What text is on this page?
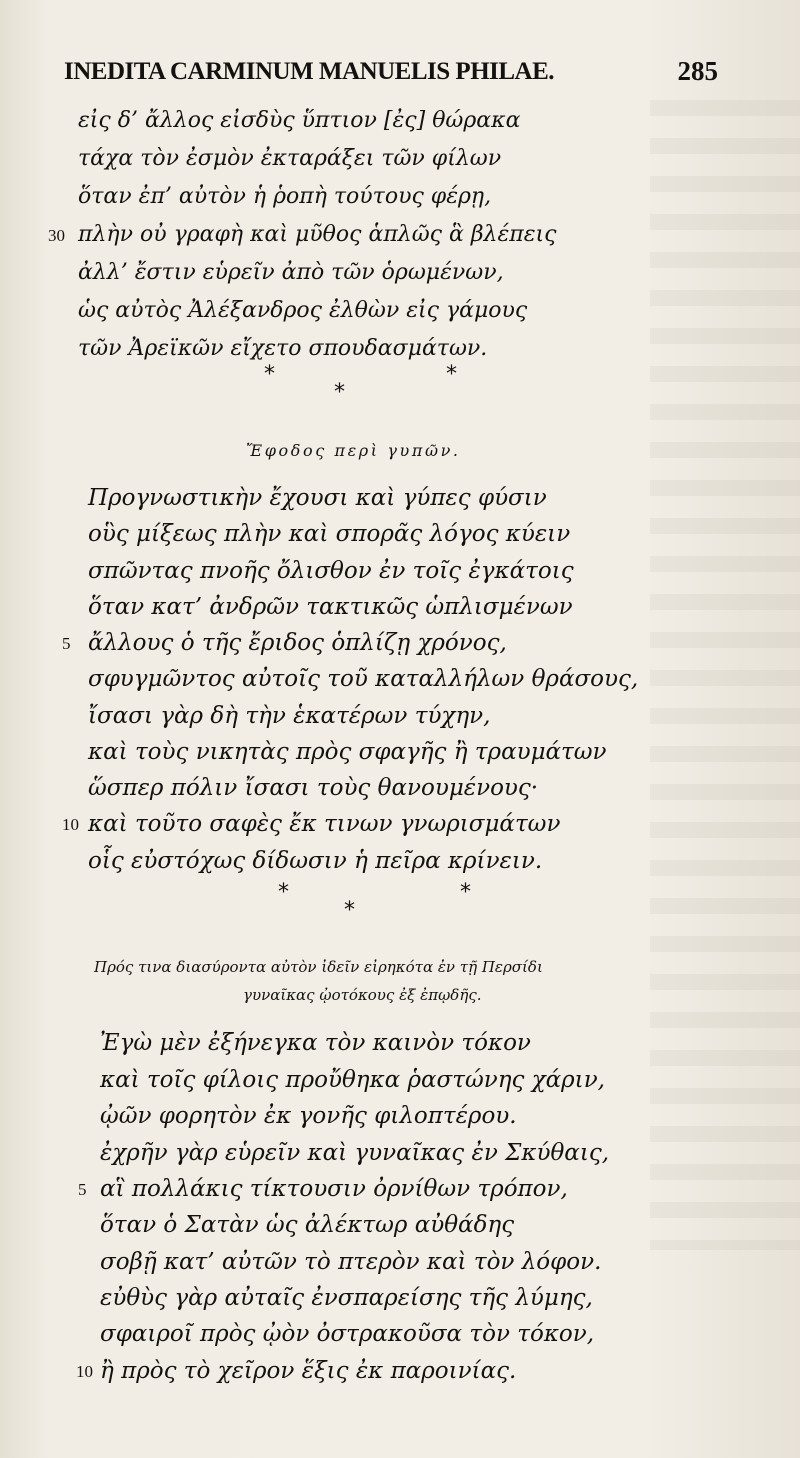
INEDITA CARMINUM MANUELIS PHILAE.	285
εἰς δ’ ἄλλος εἰσδὺς ὕπτιον [ἐς] θώρακα
τάχα τὸν ἐσμὸν ἐκταράξει τῶν φίλων
ὅταν ἐπ’ αὐτὸν ἡ ῥοπὴ τούτους φέρῃ,
30 πλὴν οὐ γραφὴ καὶ μῦθος ἁπλῶς ἃ βλέπεις
ἀλλ’ ἔστιν εὑρεῖν ἀπὸ τῶν ὁρωμένων,
ὡς αὐτὸς Ἀλέξανδρος ἐλθὼν εἰς γάμους
τῶν Ἀρεϊκῶν εἴχετο σπουδασμάτων.
*
*
*
Ἔφοδος περὶ γυπῶν.
Προγνωστικὴν ἔχουσι καὶ γύπες φύσιν
οὓς μίξεως πλὴν καὶ σπορᾶς λόγος κύειν
σπῶντας πνοῆς ὄλισθον ἐν τοῖς ἐγκάτοις
ὅταν κατ’ ἀνδρῶν τακτικῶς ὡπλισμένων
5 ἄλλους ὁ τῆς ἔριδος ὁπλίζῃ χρόνος,
σφυγμῶντος αὐτοῖς τοῦ καταλλήλων θράσους,
ἴσασι γὰρ δὴ τὴν ἑκατέρων τύχην,
καὶ τοὺς νικητὰς πρὸς σφαγῆς ἢ τραυμάτων
ὥσπερ πόλιν ἴσασι τοὺς θανουμένους·
10 καὶ τοῦτο σαφὲς ἔκ τινων γνωρισμάτων
οἷς εὐστόχως δίδωσιν ἡ πεῖρα κρίνειν.
*
*
*
Πρός τινα διασύροντα αὐτὸν ἰδεῖν εἰρηκότα ἐν τῇ Περσίδι
γυναῖκας ᾠοτόκους ἐξ ἐπῳδῆς.
Ἐγὼ μὲν ἐξήνεγκα τὸν καινὸν τόκον
καὶ τοῖς φίλοις προὔθηκα ῥαστώνης χάριν,
ᾠῶν φορητὸν ἐκ γονῆς φιλοπτέρου.
ἐχρῆν γὰρ εὑρεῖν καὶ γυναῖκας ἐν Σκύθαις,
5 αἳ πολλάκις τίκτουσιν ὀρνίθων τρόπον,
ὅταν ὁ Σατὰν ὡς ἀλέκτωρ αὐθάδης
σοβῇ κατ’ αὐτῶν τὸ πτερὸν καὶ τὸν λόφον.
εὐθὺς γὰρ αὐταῖς ἐνσπαρείσης τῆς λύμης,
σφαιροῖ πρὸς ᾠὸν ὀστρακοῦσα τὸν τόκον,
10 ἢ πρὸς τὸ χεῖρον ἕξις ἐκ παροινίας.
